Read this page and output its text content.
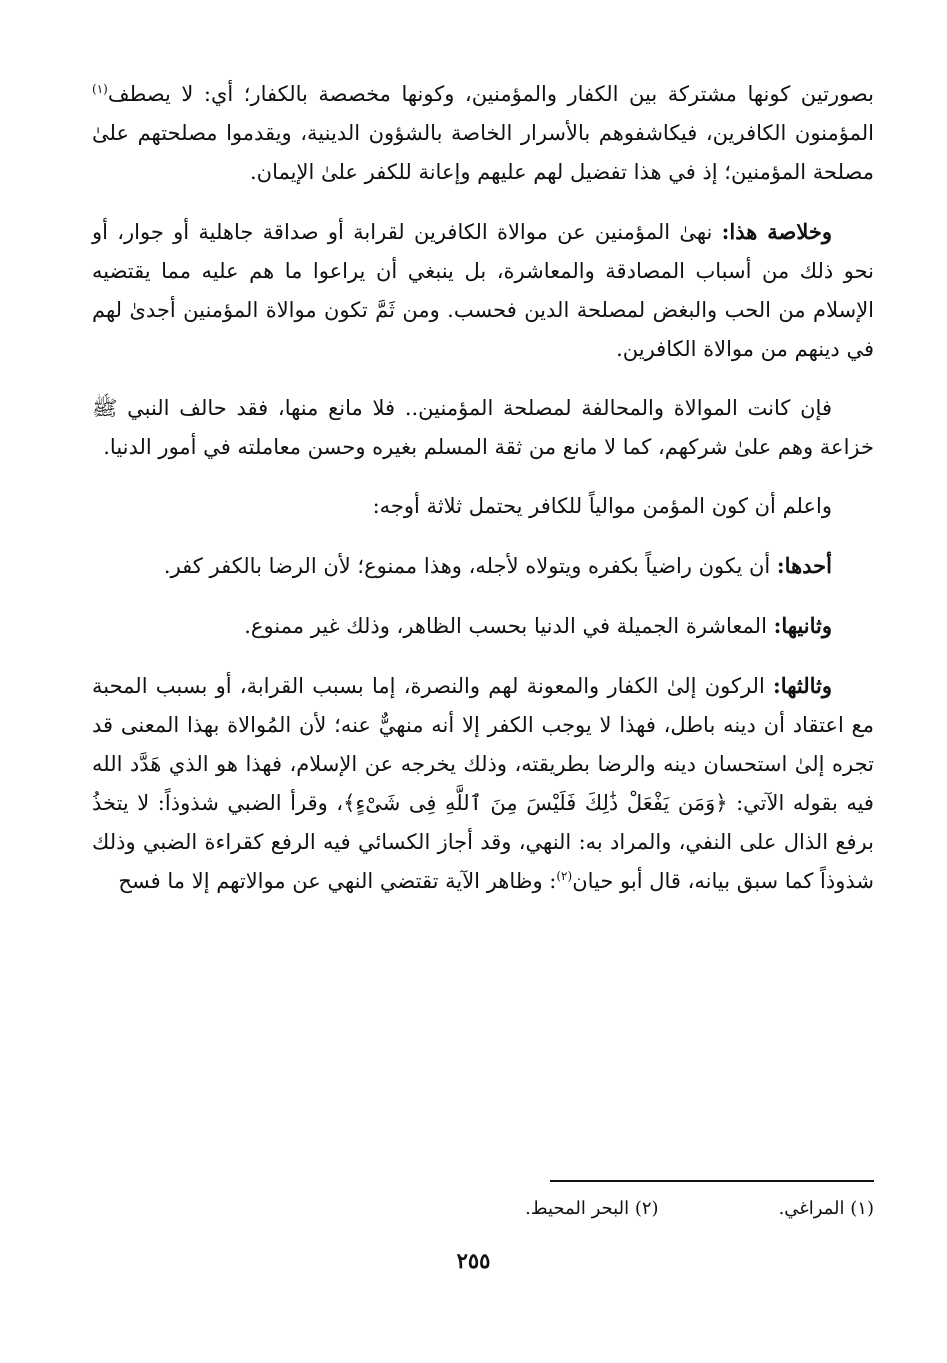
بصورتين كونها مشتركة بين الكفار والمؤمنين، وكونها مخصصة بالكفار؛ أي: لا يصطف$^{(١)}$ المؤمنون الكافرين، فيكاشفوهم بالأسرار الخاصة بالشؤون الدينية، ويقدموا مصلحتهم علىٰ مصلحة المؤمنين؛ إذ في هذا تفضيل لهم عليهم وإعانة للكفر علىٰ الإيمان.

وخلاصة هذا: نهىٰ المؤمنين عن موالاة الكافرين لقرابة أو صداقة جاهلية أو جوار، أو نحو ذلك من أسباب المصادقة والمعاشرة، بل ينبغي أن يراعوا ما هم عليه مما يقتضيه الإسلام من الحب والبغض لمصلحة الدين فحسب. ومن ثَمَّ تكون موالاة المؤمنين أجدىٰ لهم في دينهم من موالاة الكافرين.

فإن كانت الموالاة والمحالفة لمصلحة المؤمنين.. فلا مانع منها، فقد حالف النبي ﷺ خزاعة وهم علىٰ شركهم، كما لا مانع من ثقة المسلم بغيره وحسن معاملته في أمور الدنيا.

واعلم أن كون المؤمن موالياً للكافر يحتمل ثلاثة أوجه:

أحدها: أن يكون راضياً بكفره ويتولاه لأجله، وهذا ممنوع؛ لأن الرضا بالكفر كفر.

وثانيها: المعاشرة الجميلة في الدنيا بحسب الظاهر، وذلك غير ممنوع.

وثالثها: الركون إلىٰ الكفار والمعونة لهم والنصرة، إما بسبب القرابة، أو بسبب المحبة مع اعتقاد أن دينه باطل، فهذا لا يوجب الكفر إلا أنه منهيٌّ عنه؛ لأن المُوالاة بهذا المعنى قد تجره إلىٰ استحسان دينه والرضا بطريقته، وذلك يخرجه عن الإسلام، فهذا هو الذي هَدَّد الله فيه بقوله الآتي: ﴿وَمَن يَفْعَلْ ذَٰلِكَ فَلَيْسَ مِنَ ٱللَّهِ فِى شَىْءٍ﴾، وقرأ الضبي شذوذاً: لا يتخذُ برفع الذال على النفي، والمراد به: النهي، وقد أجاز الكسائي فيه الرفع كقراءة الضبي وذلك شذوذاً كما سبق بيانه، قال أبو حيان$^{(٢)}$: وظاهر الآية تقتضي النهي عن موالاتهم إلا ما فسح

(١) المراغي.(٢) البحر المحيط.
٢٥٥
